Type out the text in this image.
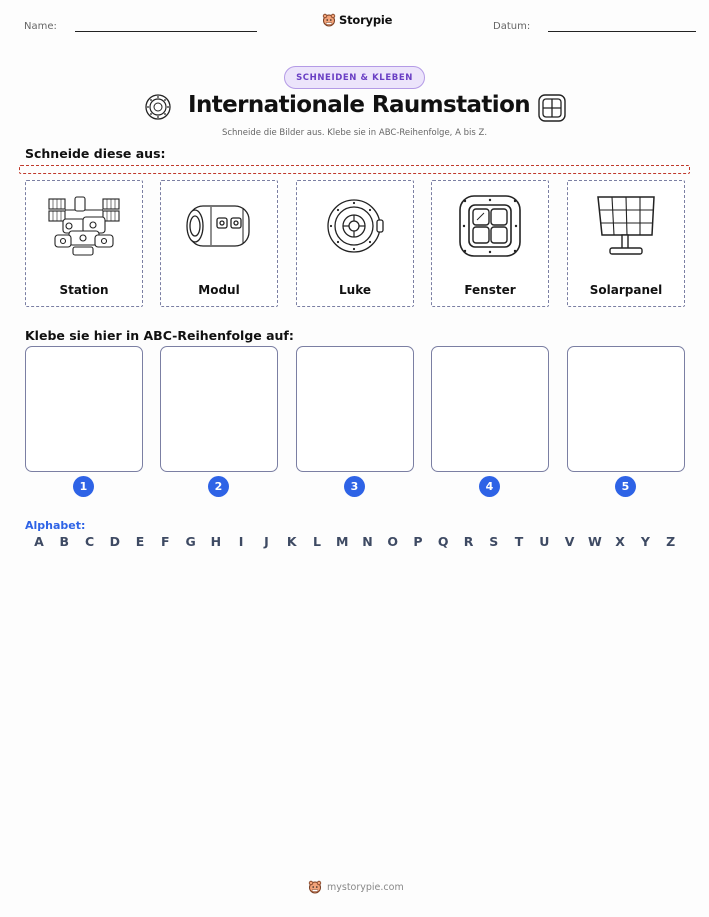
Name:	Storypie	Datum:
SCHNEIDEN & KLEBEN
Internationale Raumstation
Schneide die Bilder aus. Klebe sie in ABC-Reihenfolge, A bis Z.
Schneide diese aus:
Station	Modul	Luke	Fenster	Solarpanel
Klebe sie hier in ABC-Reihenfolge auf:
1	2	3	4	5
Alphabet:
A B C D E F G H	I	J	K L M N O P Q R S T U V W X Y Z
mystorypie.com
